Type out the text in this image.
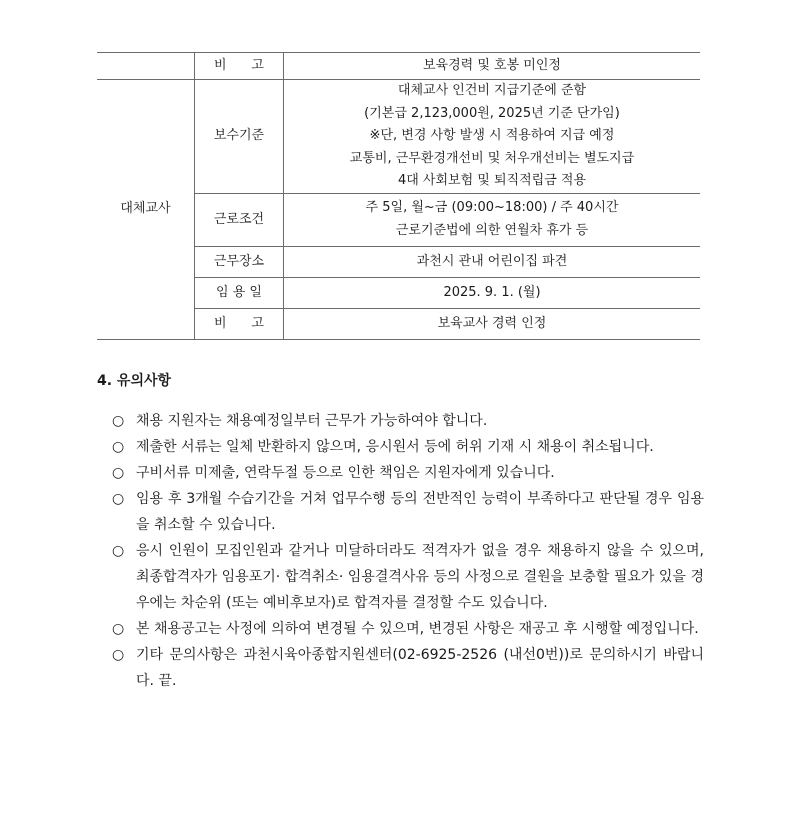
	비      고	보육경력 및 호봉 미인정
대체교사	보수기준	대체교사 인건비 지급기준에 준함
(기본급 2,123,000원, 2025년 기준 단가임)
※단, 변경 사항 발생 시 적용하여 지급 예정
교통비, 근무환경개선비 및 처우개선비는 별도지급
4대 사회보험 및 퇴직적립금 적용

	근로조건	주 5일, 월~금 (09:00~18:00) / 주 40시간
근로기준법에 의한 연월차 휴가 등

	근무장소	과천시 관내 어린이집 파견
	임 용 일	2025. 9. 1. (월)
	비      고	보육교사 경력 인정
4. 유의사항
○ 채용 지원자는 채용예정일부터 근무가 가능하여야 합니다.
○ 제출한 서류는 일체 반환하지 않으며, 응시원서 등에 허위 기재 시 채용이 취소됩니다.
○ 구비서류 미제출, 연락두절 등으로 인한 책임은 지원자에게 있습니다.
○ 임용 후 3개월 수습기간을 거쳐 업무수행 등의 전반적인 능력이 부족하다고 판단될 경우 임용을 취소할 수 있습니다.
○ 응시 인원이 모집인원과 같거나 미달하더라도 적격자가 없을 경우 채용하지 않을 수 있으며, 최종합격자가 임용포기· 합격취소· 임용결격사유 등의 사정으로 결원을 보충할 필요가 있을 경우에는 차순위 (또는 예비후보자)로 합격자를 결정할 수도 있습니다.
○ 본 채용공고는 사정에 의하여 변경될 수 있으며, 변경된 사항은 재공고 후 시행할 예정입니다.
○ 기타 문의사항은 과천시육아종합지원센터(02-6925-2526 (내선0번))로 문의하시기 바랍니다. 끝.
